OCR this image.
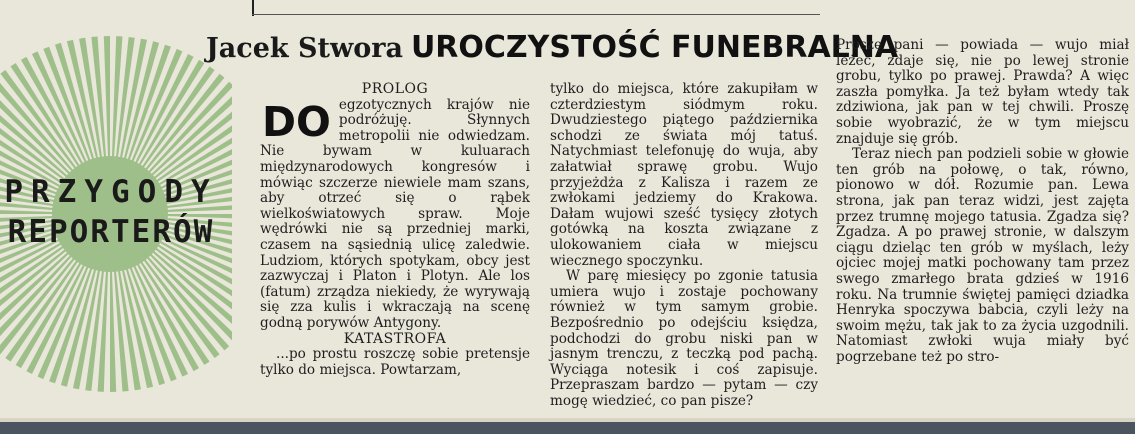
PRZYGODY
REPORTERÓW
Jacek Stwora UROCZYSTOŚĆ FUNEBRALNA

PROLOG

DO egzotycznych krajów nie podróżuję. Słynnych metropolii nie odwiedzam. Nie bywam w kuluarach międzynarodowych kongresów i mówiąc szczerze niewiele mam szans, aby otrzeć się o rąbek wielkoświatowych spraw. Moje wędrówki nie są przedniej marki, czasem na sąsiednią ulicę zaledwie. Ludziom, których spotykam, obcy jest zazwyczaj i Platon i Plotyn. Ale los (fatum) zrządza niekiedy, że wyrywają się zza kulis i wkraczają na scenę godną porywów Antygony.

KATASTROFA

...po prostu roszczę sobie pretensje tylko do miejsca. Powtarzam,

tylko do miejsca, które zakupiłam w czterdziestym siódmym roku. Dwudziestego piątego października schodzi ze świata mój tatuś. Natychmiast telefonuję do wuja, aby załatwiał sprawę grobu. Wujo przyjeżdża z Kalisza i razem ze zwłokami jedziemy do Krakowa. Dałam wujowi sześć tysięcy złotych gotówką na koszta związane z ulokowaniem ciała w miejscu wiecznego spoczynku.

W parę miesięcy po zgonie tatusia umiera wujo i zostaje pochowany również w tym samym grobie. Bezpośrednio po odejściu księdza, podchodzi do grobu niski pan w jasnym trenczu, z teczką pod pachą. Wyciąga notesik i coś zapisuje. Przepraszam bardzo — pytam — czy mogę wiedzieć, co pan pisze?

Proszę pani — powiada — wujo miał leżeć, zdaje się, nie po lewej stronie grobu, tylko po prawej. Prawda? A więc zaszła pomyłka. Ja też byłam wtedy tak zdziwiona, jak pan w tej chwili. Proszę sobie wyobrazić, że w tym miejscu znajduje się grób.

Teraz niech pan podzieli sobie w głowie ten grób na połowę, o tak, równo, pionowo w dół. Rozumie pan. Lewa strona, jak pan teraz widzi, jest zajęta przez trumnę mojego tatusia. Zgadza się? Zgadza. A po prawej stronie, w dalszym ciągu dzieląc ten grób w myślach, leży ojciec mojej matki pochowany tam przez swego zmarłego brata gdzieś w 1916 roku. Na trumnie świętej pamięci dziadka Henryka spoczywa babcia, czyli leży na swoim mężu, tak jak to za życia uzgodnili. Natomiast zwłoki wuja miały być pogrzebane też po stro-
